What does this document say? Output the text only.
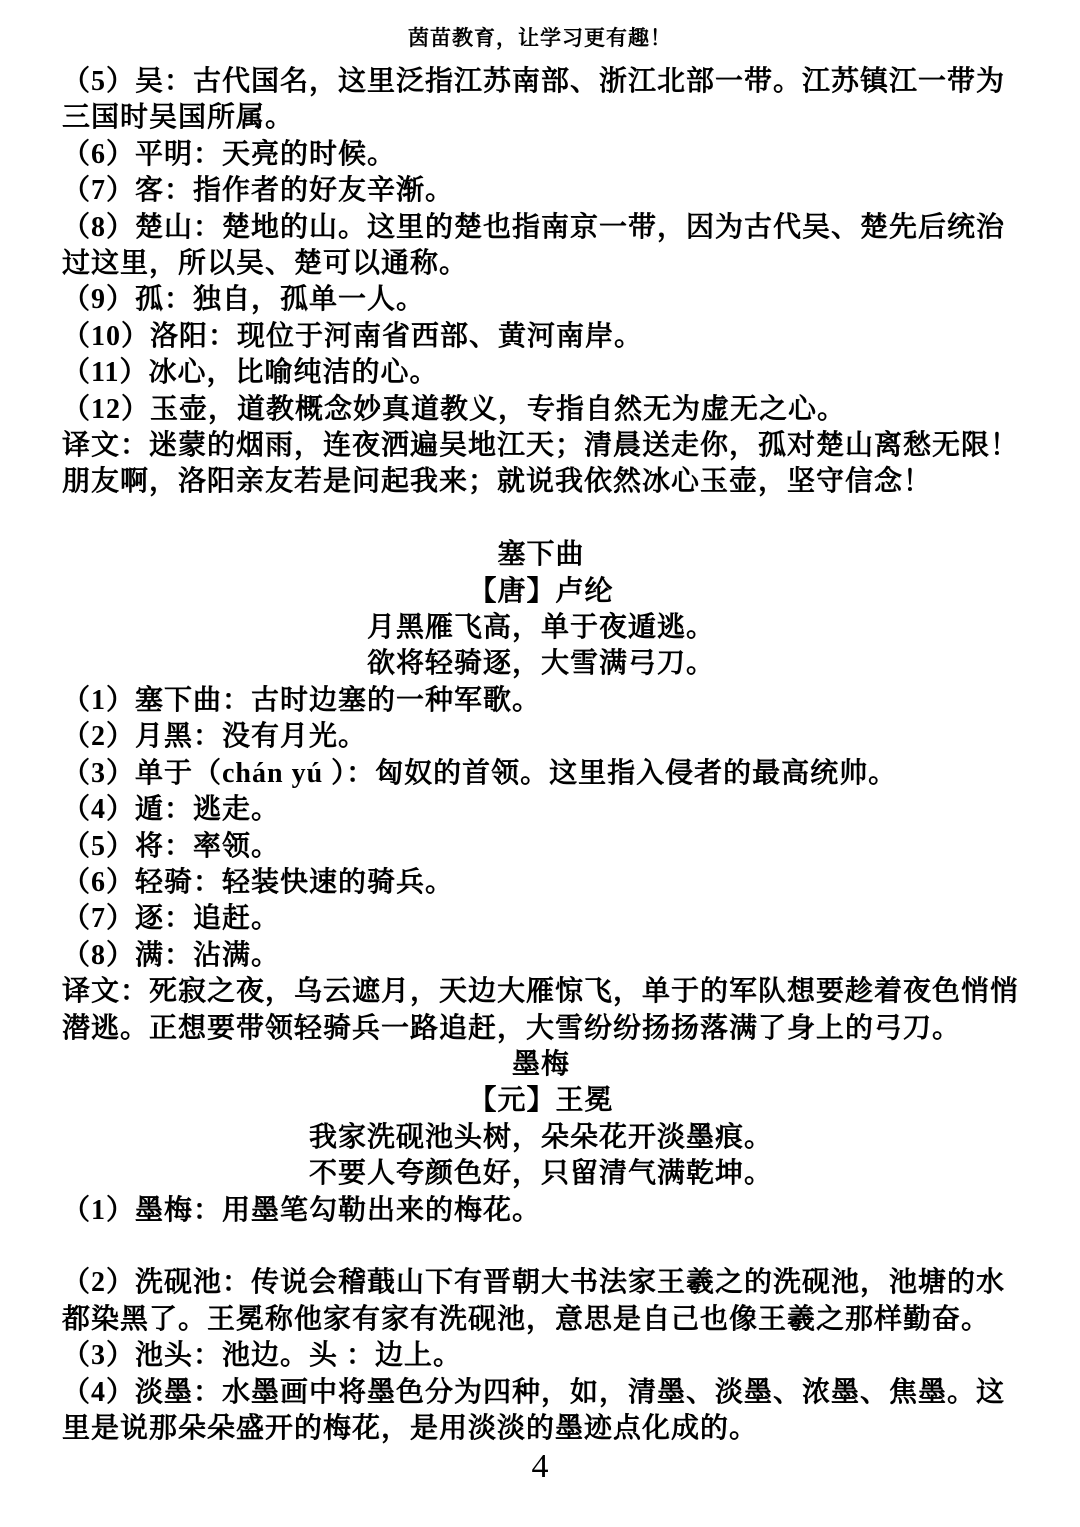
茵苗教育，让学习更有趣！
（5）吴：古代国名，这里泛指江苏南部、浙江北部一带。江苏镇江一带为
三国时吴国所属。
（6）平明：天亮的时候。
（7）客：指作者的好友辛渐。
（8）楚山：楚地的山。这里的楚也指南京一带，因为古代吴、楚先后统治
过这里，所以吴、楚可以通称。
（9）孤：独自，孤单一人。
（10）洛阳：现位于河南省西部、黄河南岸。
（11）冰心，比喻纯洁的心。
（12）玉壶，道教概念妙真道教义，专指自然无为虚无之心。
译文：迷蒙的烟雨，连夜洒遍吴地江天；清晨送走你，孤对楚山离愁无限！
朋友啊，洛阳亲友若是问起我来；就说我依然冰心玉壶，坚守信念！
塞下曲
【唐】卢纶
月黑雁飞高，单于夜遁逃。
欲将轻骑逐，大雪满弓刀。
（1）塞下曲：古时边塞的一种军歌。
（2）月黑：没有月光。
（3）单于（chán yú ）：匈奴的首领。这里指入侵者的最高统帅。
（4）遁：逃走。
（5）将：率领。
（6）轻骑：轻装快速的骑兵。
（7）逐：追赶。
（8）满：沾满。
译文：死寂之夜，乌云遮月，天边大雁惊飞，单于的军队想要趁着夜色悄悄
潜逃。正想要带领轻骑兵一路追赶，大雪纷纷扬扬落满了身上的弓刀。
墨梅
【元】王冕
我家洗砚池头树，朵朵花开淡墨痕。
不要人夸颜色好，只留清气满乾坤。
（1）墨梅：用墨笔勾勒出来的梅花。
（2）洗砚池：传说会稽蕺山下有晋朝大书法家王羲之的洗砚池，池塘的水
都染黑了。王冕称他家有家有洗砚池，意思是自己也像王羲之那样勤奋。
（3）池头：池边。头 ：边上。
（4）淡墨：水墨画中将墨色分为四种，如，清墨、淡墨、浓墨、焦墨。这
里是说那朵朵盛开的梅花，是用淡淡的墨迹点化成的。
4
